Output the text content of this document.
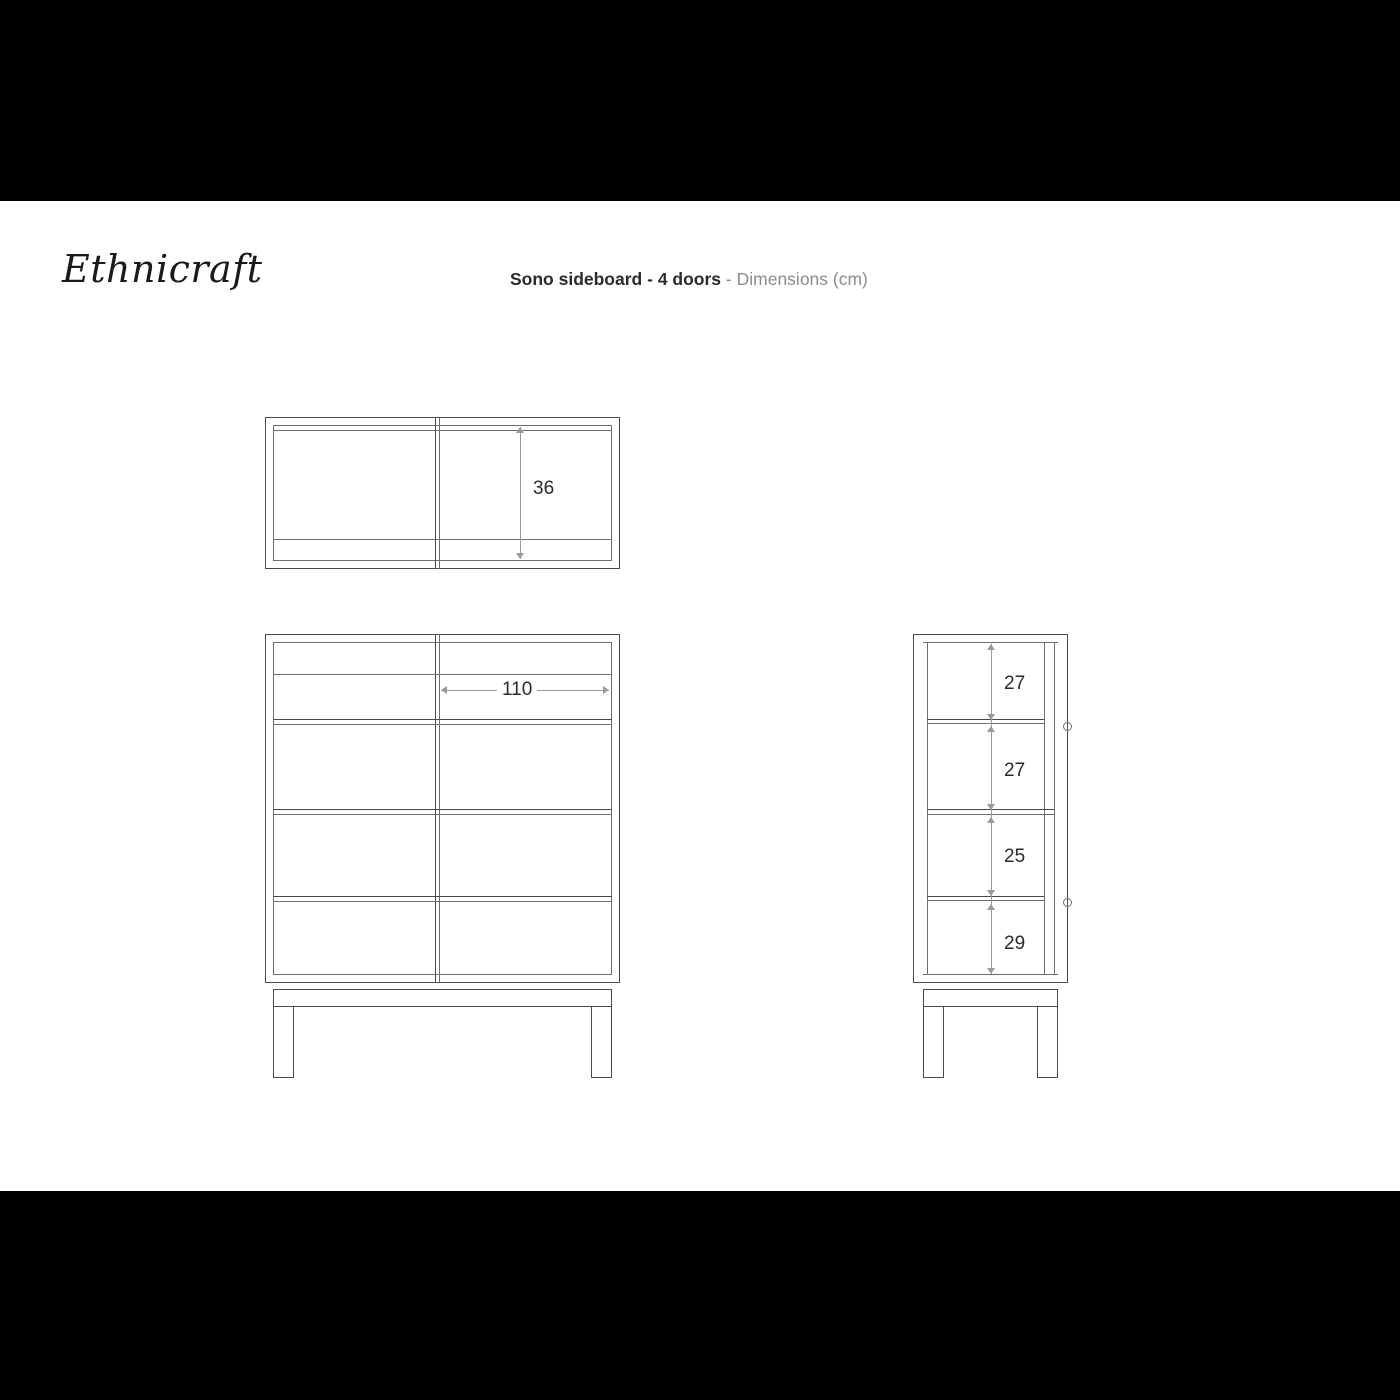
Ethnicraft	Sono sideboard - 4 doors - Dimensions (cm)
36
110	27
27
25
29
